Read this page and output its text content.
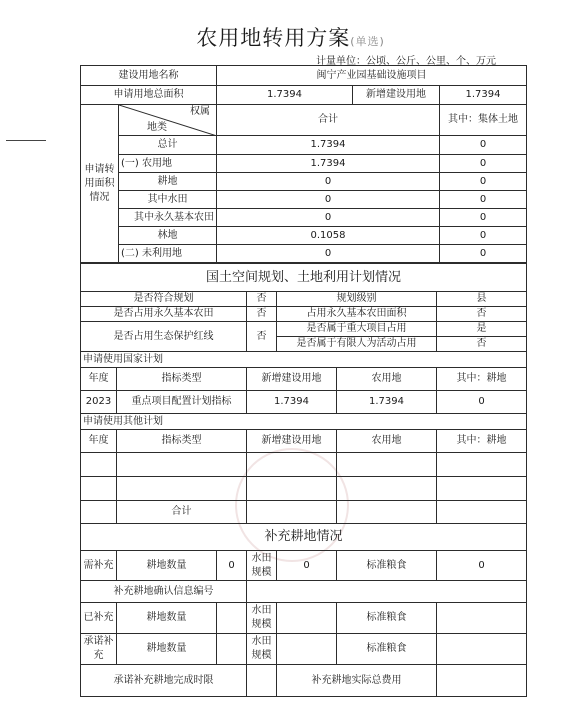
农用地转用方案(单选)
计量单位：公顷、公斤、公里、个、万元
建设用地名称		闽宁产业园基础设施项目		
申请用地总面积		1.7394	新增建设用地	1.7394
申请转用面积情况	权属
地类	合计		其中：集体土地
	总计	1.7394		0
	(一) 农用地	1.7394		0
	耕地	0		0
	其中水田	0		0
	其中永久基本农田	0		0
	林地	0.1058		0
	(二) 未利用地	0		0
国土空间规划、土地利用计划情况						
是否符合规划			否	规划级别		县
是否占用永久基本农田			否	占用永久基本农田面积		否
是否占用生态保护红线			否	是否属于重大项目占用		是
				是否属于有限人为活动占用		否
申请使用国家计划						
年度	指标类型		新增建设用地		农用地	其中：耕地
2023	重点项目配置计划指标		1.7394		1.7394	0
申请使用其他计划						
年度	指标类型		新增建设用地		农用地	其中：耕地

	合计					
补充耕地情况						
需补充	耕地数量	0	水田规模	0	标准粮食	0
补充耕地确认信息编号						
已补充	耕地数量		水田规模		标准粮食	
承诺补充	耕地数量		水田规模		标准粮食	
承诺补充耕地完成时限				补充耕地实际总费用		
